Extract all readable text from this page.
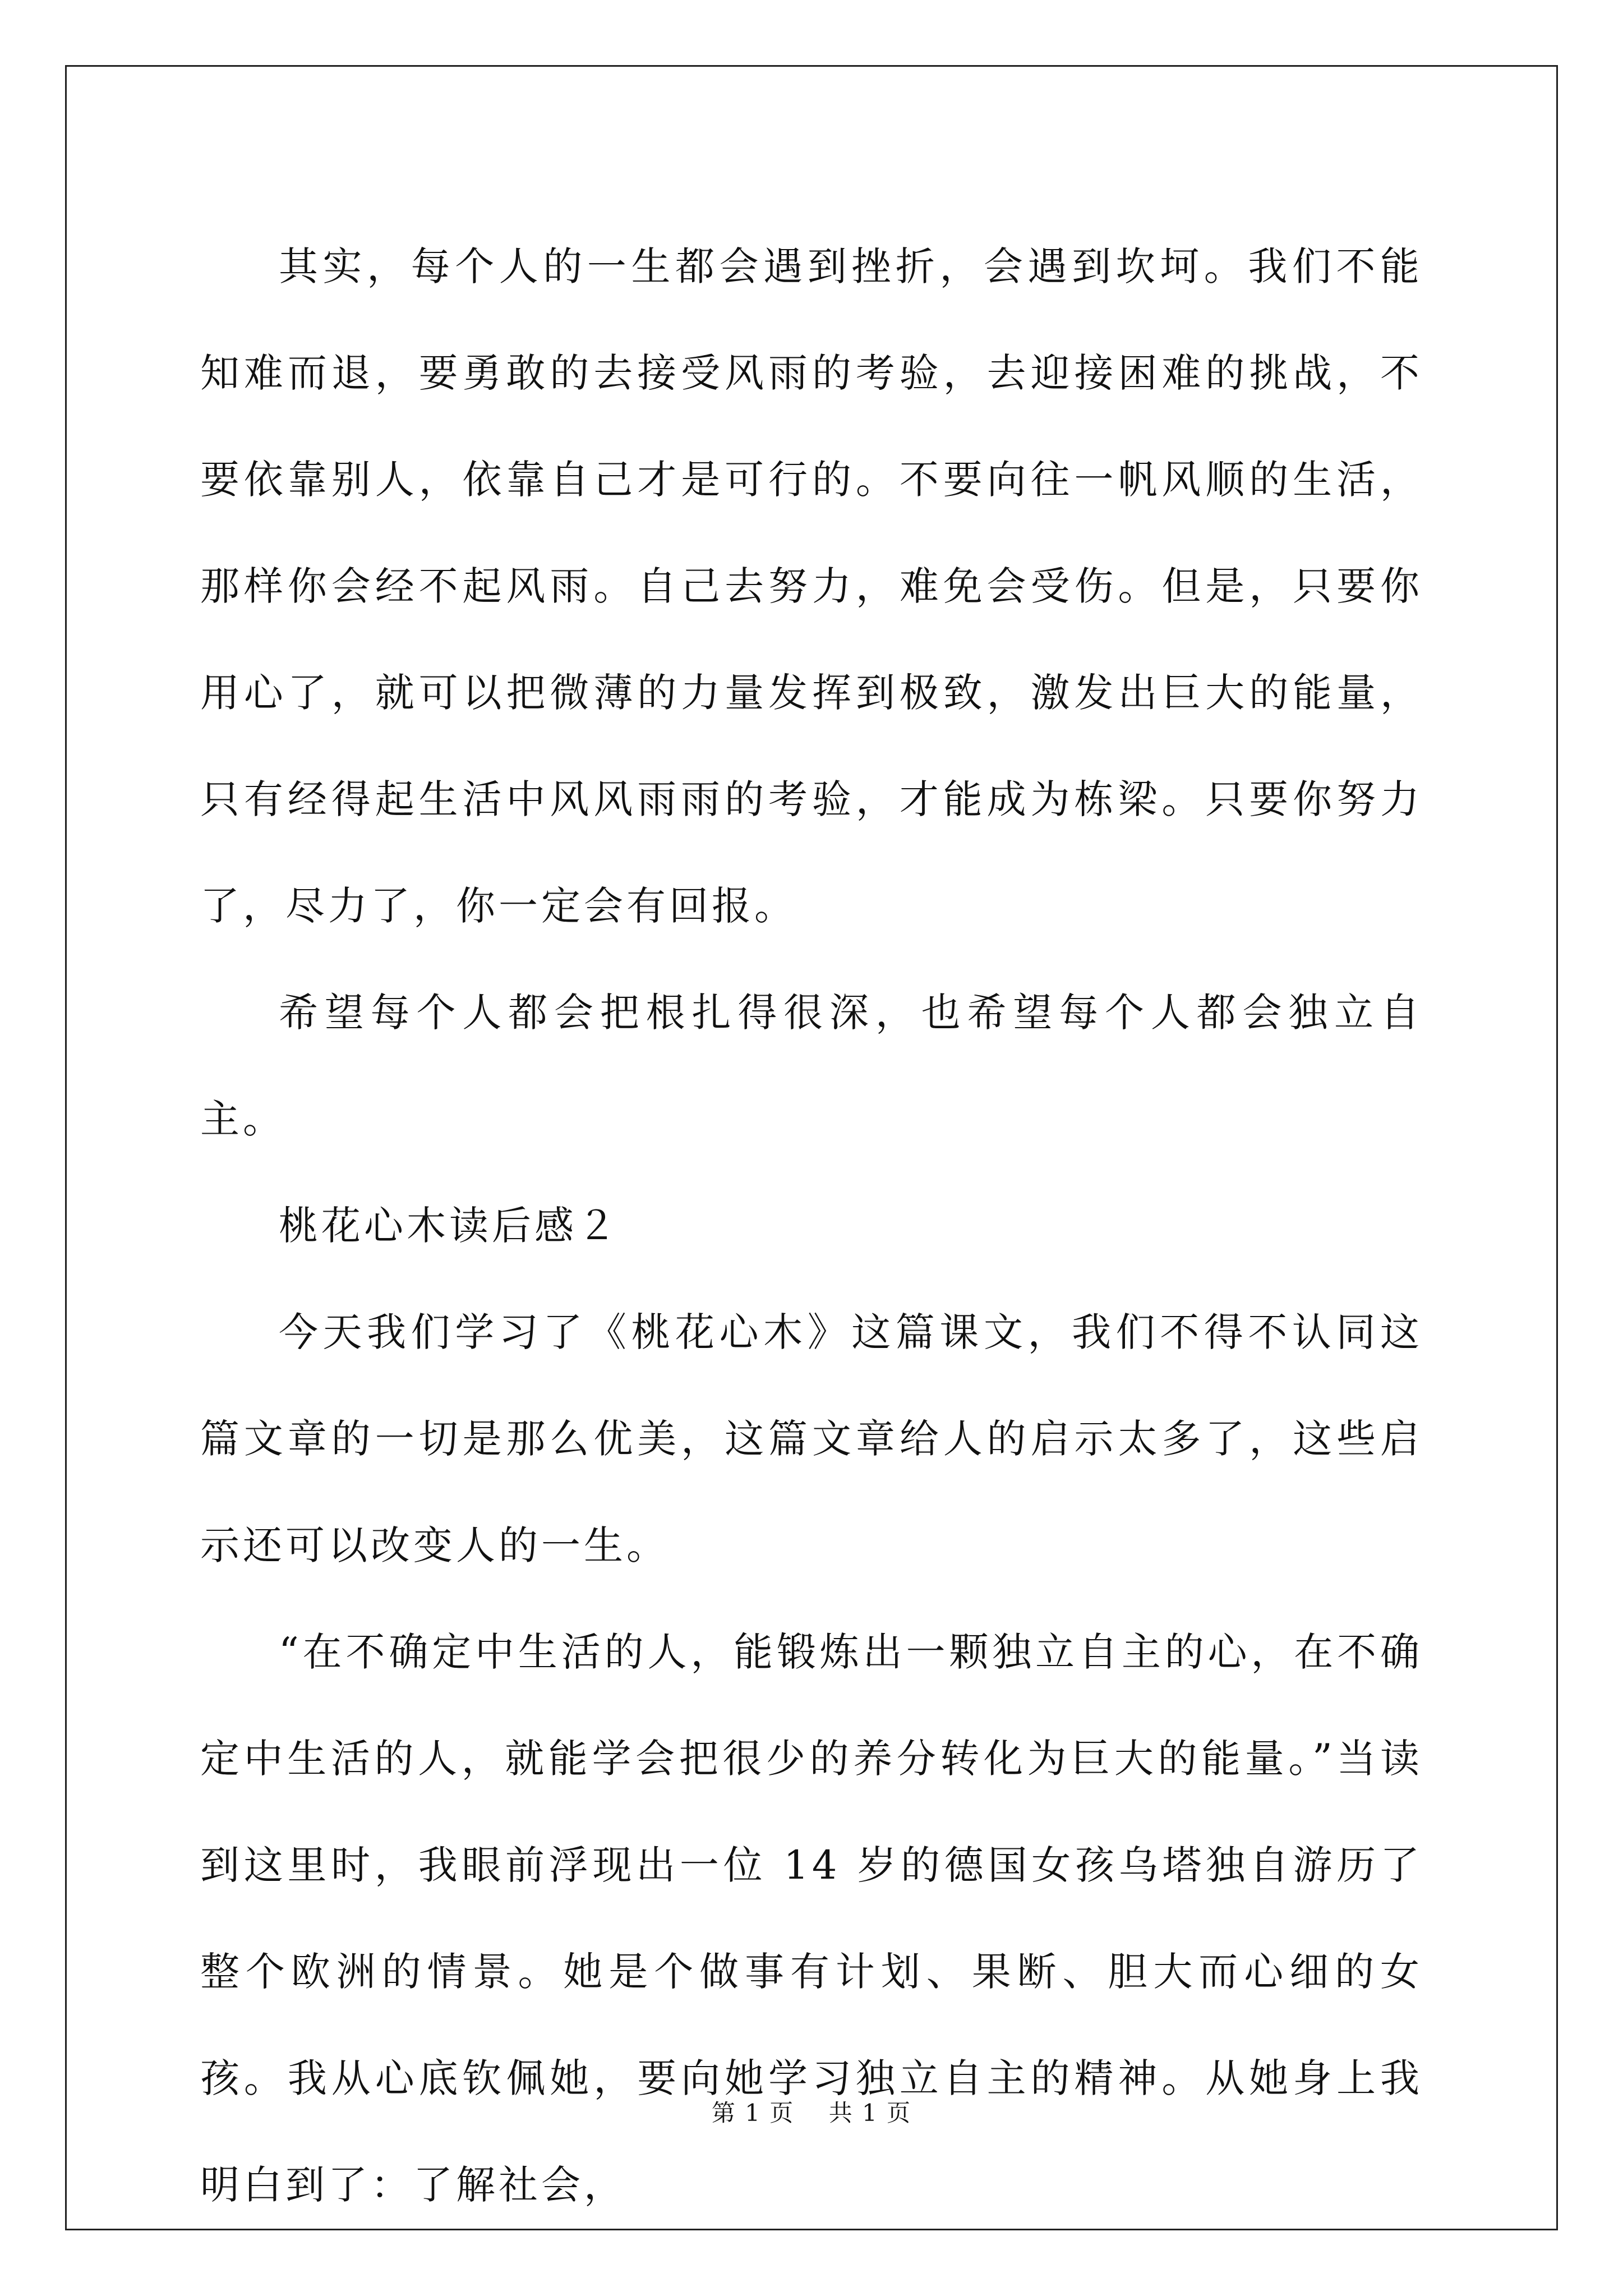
其实，每个人的一生都会遇到挫折，会遇到坎坷。我们不能知难而退，要勇敢的去接受风雨的考验，去迎接困难的挑战，不要依靠别人，依靠自己才是可行的。不要向往一帆风顺的生活，那样你会经不起风雨。自己去努力，难免会受伤。但是，只要你用心了，就可以把微薄的力量发挥到极致，激发出巨大的能量，只有经得起生活中风风雨雨的考验，才能成为栋梁。只要你努力了，尽力了，你一定会有回报。

希望每个人都会把根扎得很深，也希望每个人都会独立自主。

桃花心木读后感２

今天我们学习了《桃花心木》这篇课文，我们不得不认同这篇文章的一切是那么优美，这篇文章给人的启示太多了，这些启示还可以改变人的一生。

“在不确定中生活的人，能锻炼出一颗独立自主的心，在不确定中生活的人，就能学会把很少的养分转化为巨大的能量。”当读到这里时，我眼前浮现出一位 14 岁的德国女孩乌塔独自游历了整个欧洲的情景。她是个做事有计划、果断、胆大而心细的女孩。我从心底钦佩她，要向她学习独立自主的精神。从她身上我明白到了：了解社会，

第 1 页 共 1 页
